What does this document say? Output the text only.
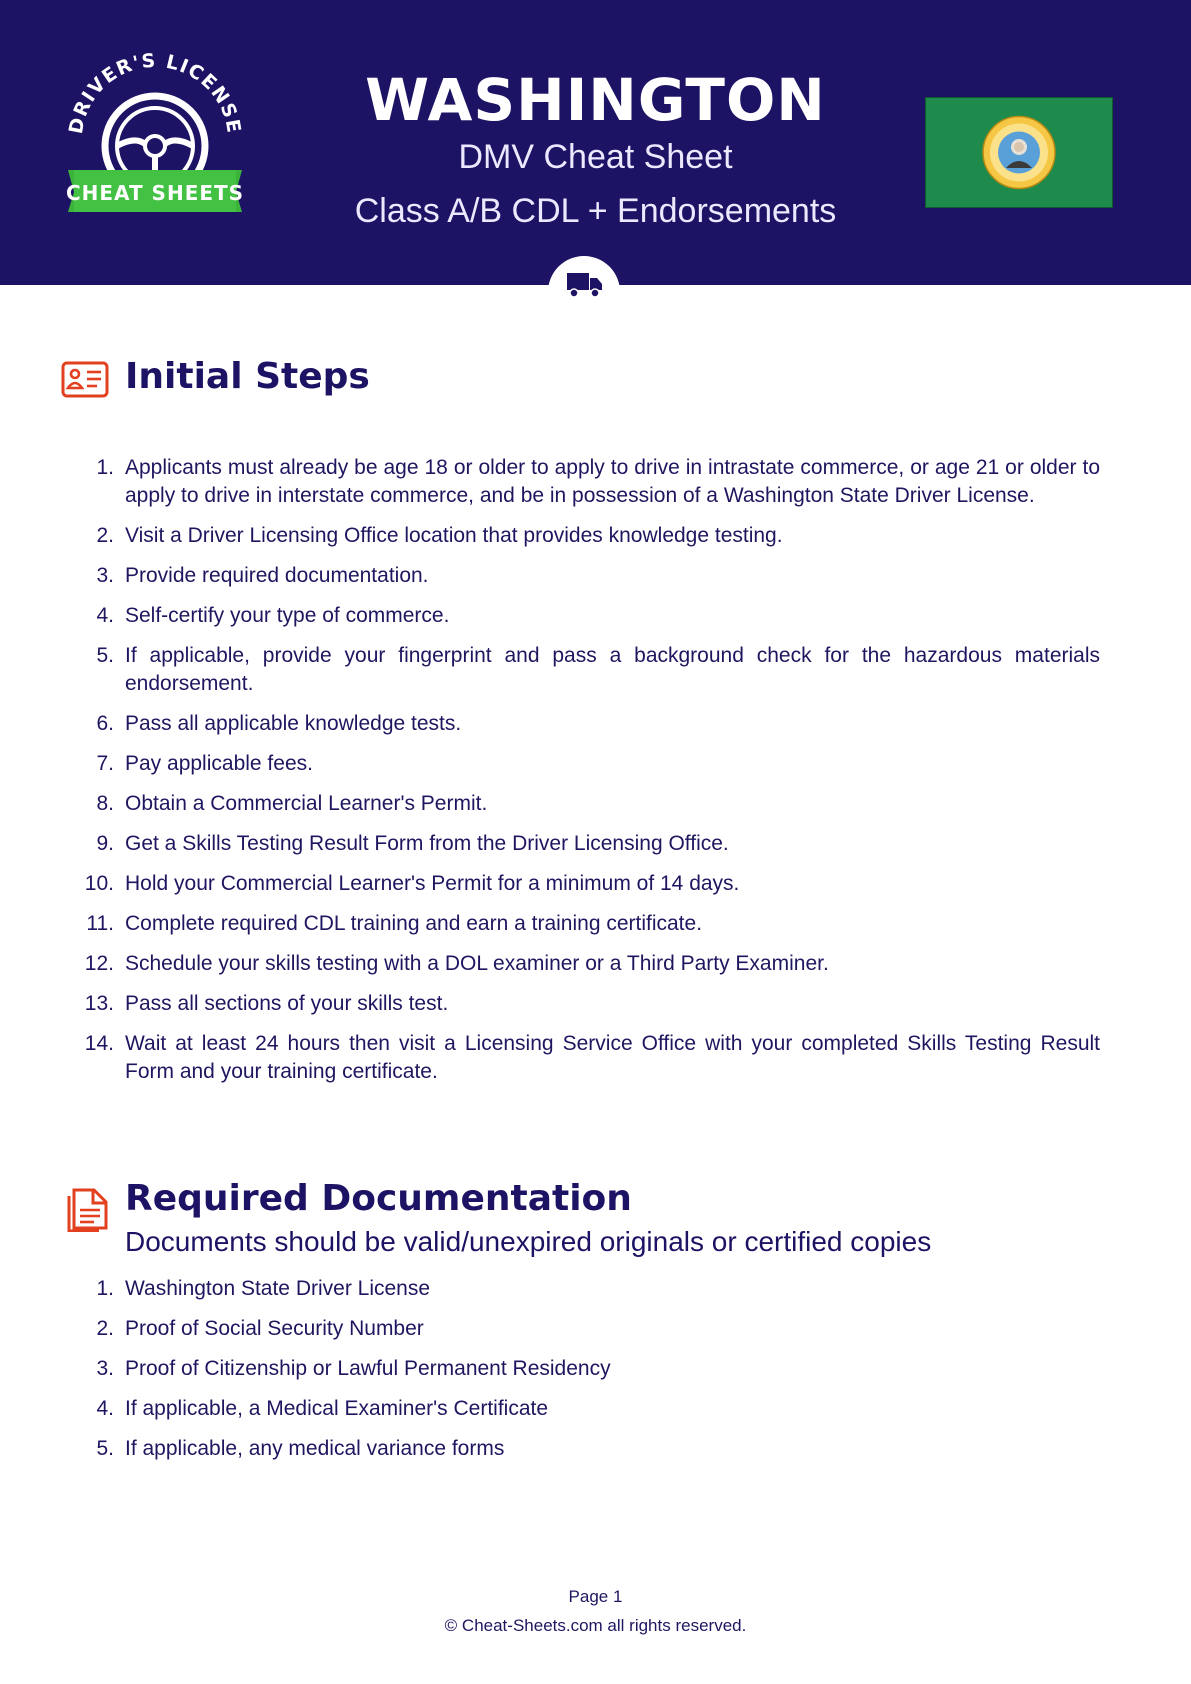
DRIVER'S LICENSE
CHEAT SHEETS
WASHINGTON
DMV Cheat Sheet
Class A/B CDL + Endorsements
Initial Steps
1. Applicants must already be age 18 or older to apply to drive in intrastate commerce, or age 21 or older to apply to drive in interstate commerce, and be in possession of a Washington State Driver License.
2. Visit a Driver Licensing Office location that provides knowledge testing.
3. Provide required documentation.
4. Self-certify your type of commerce.
5. If applicable, provide your fingerprint and pass a background check for the hazardous materials endorsement.
6. Pass all applicable knowledge tests.
7. Pay applicable fees.
8. Obtain a Commercial Learner's Permit.
9. Get a Skills Testing Result Form from the Driver Licensing Office.
10. Hold your Commercial Learner's Permit for a minimum of 14 days.
11. Complete required CDL training and earn a training certificate.
12. Schedule your skills testing with a DOL examiner or a Third Party Examiner.
13. Pass all sections of your skills test.
14. Wait at least 24 hours then visit a Licensing Service Office with your completed Skills Testing Result Form and your training certificate.
Required Documentation
Documents should be valid/unexpired originals or certified copies
1. Washington State Driver License
2. Proof of Social Security Number
3. Proof of Citizenship or Lawful Permanent Residency
4. If applicable, a Medical Examiner's Certificate
5. If applicable, any medical variance forms
Page 1
© Cheat-Sheets.com all rights reserved.
